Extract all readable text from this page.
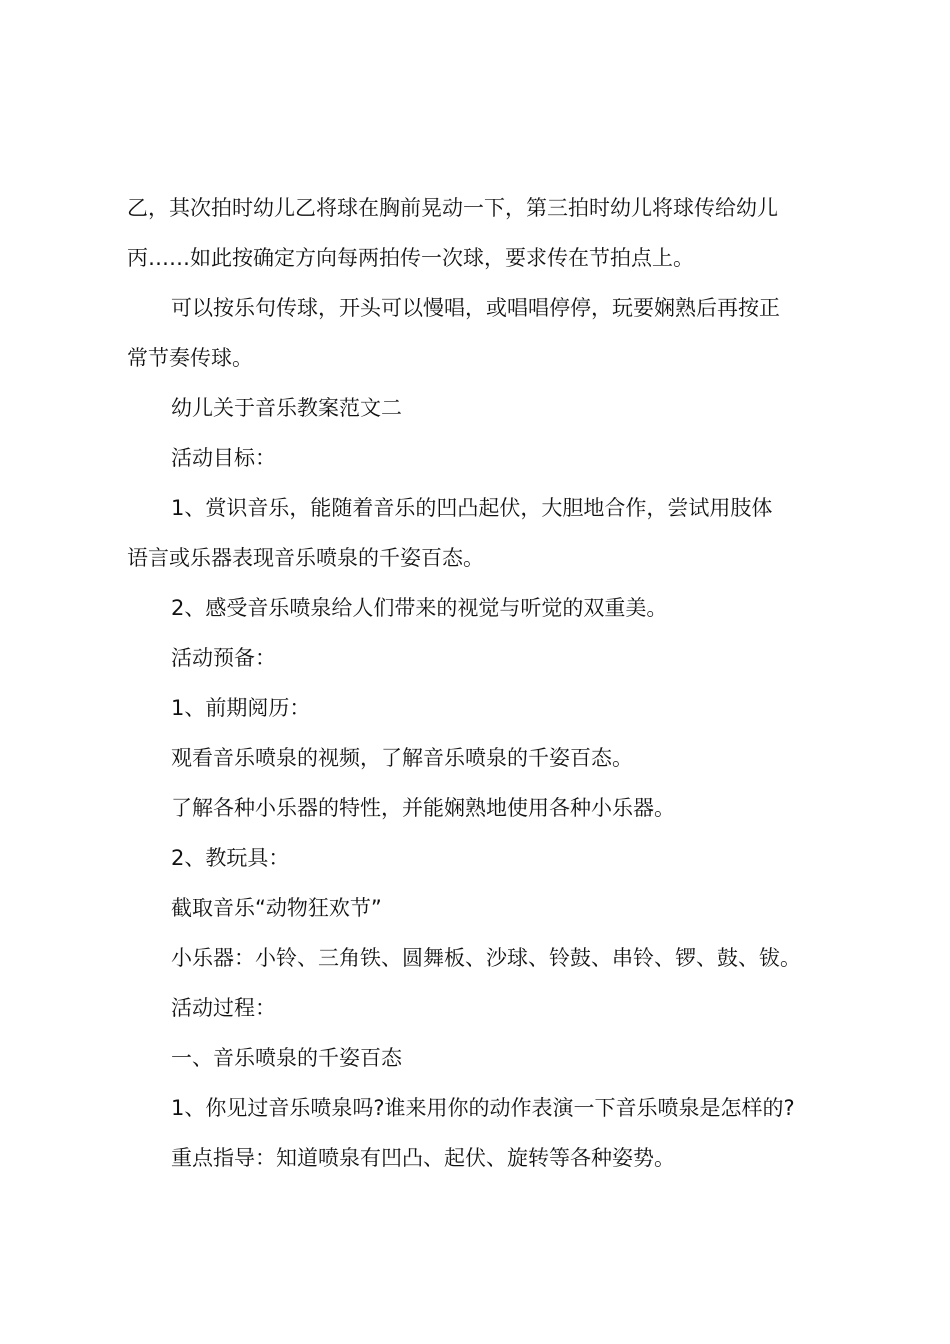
乙，其次拍时幼儿乙将球在胸前晃动一下，第三拍时幼儿将球传给幼儿
丙……如此按确定方向每两拍传一次球，要求传在节拍点上。
可以按乐句传球，开头可以慢唱，或唱唱停停，玩要娴熟后再按正
常节奏传球。
幼儿关于音乐教案范文二
活动目标：
1、赏识音乐，能随着音乐的凹凸起伏，大胆地合作，尝试用肢体
语言或乐器表现音乐喷泉的千姿百态。
2、感受音乐喷泉给人们带来的视觉与听觉的双重美。
活动预备：
1、前期阅历：
观看音乐喷泉的视频，了解音乐喷泉的千姿百态。
了解各种小乐器的特性，并能娴熟地使用各种小乐器。
2、教玩具：
截取音乐“动物狂欢节”
小乐器：小铃、三角铁、圆舞板、沙球、铃鼓、串铃、锣、鼓、钹。
活动过程：
一、音乐喷泉的千姿百态
1、你见过音乐喷泉吗?谁来用你的动作表演一下音乐喷泉是怎样的?
重点指导：知道喷泉有凹凸、起伏、旋转等各种姿势。
